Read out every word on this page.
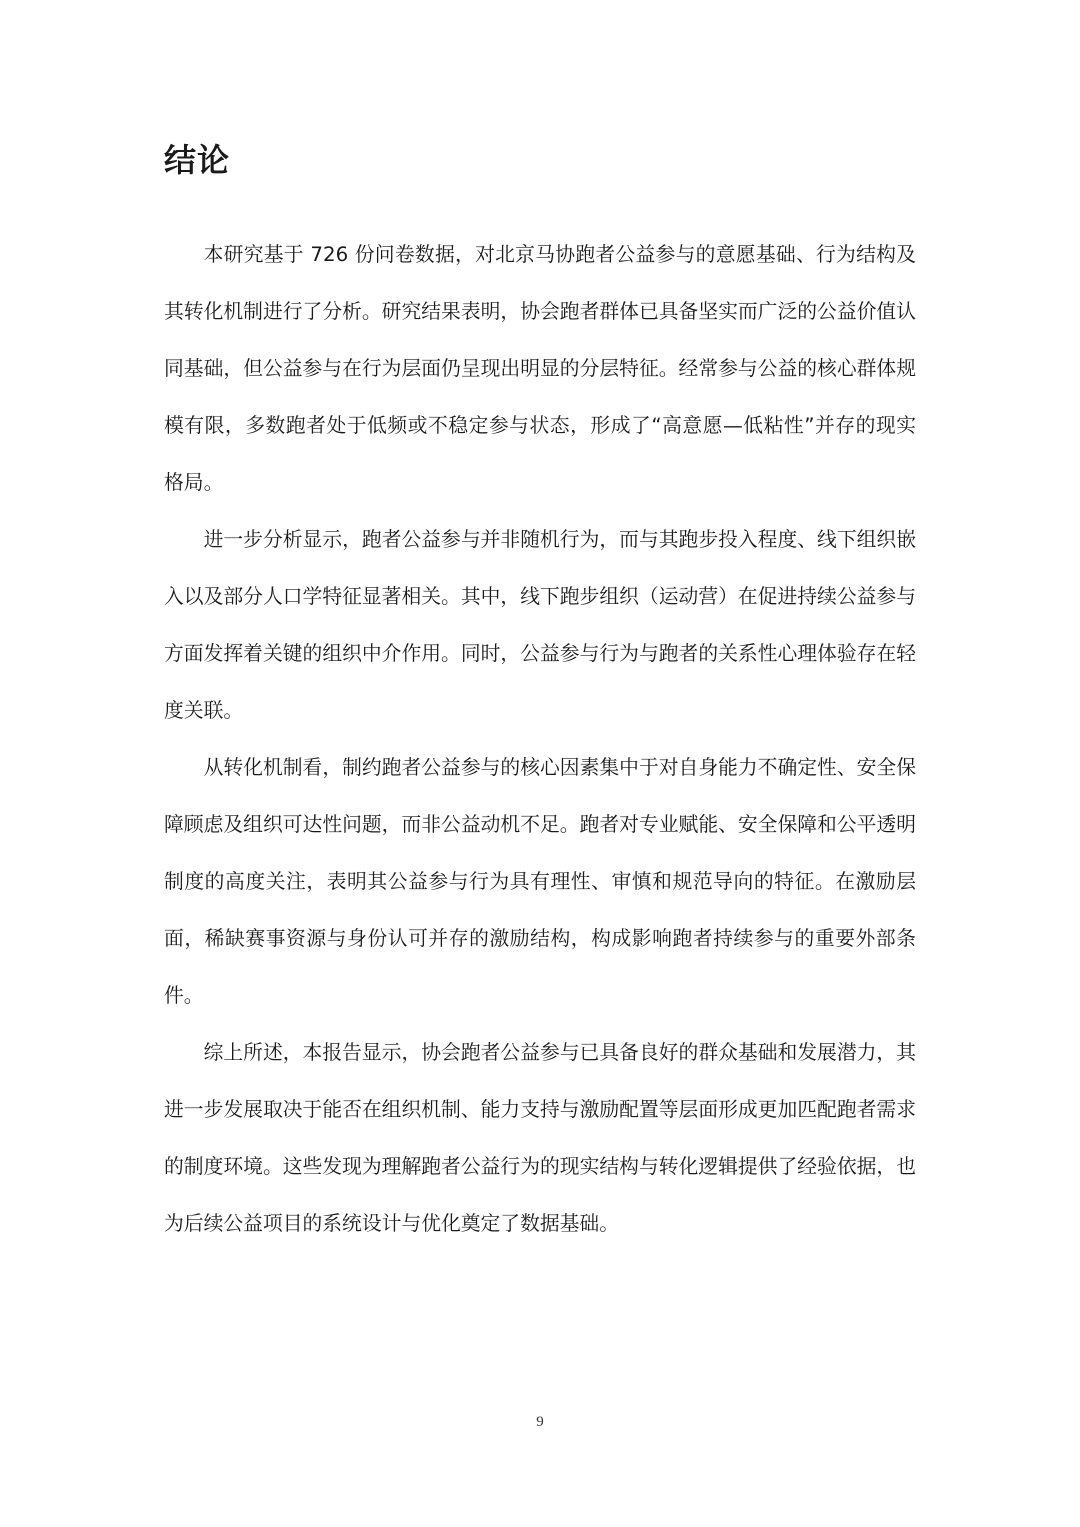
结论

本研究基于 726 份问卷数据，对北京马协跑者公益参与的意愿基础、行为结构及其转化机制进行了分析。研究结果表明，协会跑者群体已具备坚实而广泛的公益价值认同基础，但公益参与在行为层面仍呈现出明显的分层特征。经常参与公益的核心群体规模有限，多数跑者处于低频或不稳定参与状态，形成了“高意愿—低粘性”并存的现实格局。

进一步分析显示，跑者公益参与并非随机行为，而与其跑步投入程度、线下组织嵌入以及部分人口学特征显著相关。其中，线下跑步组织（运动营）在促进持续公益参与方面发挥着关键的组织中介作用。同时，公益参与行为与跑者的关系性心理体验存在轻度关联。

从转化机制看，制约跑者公益参与的核心因素集中于对自身能力不确定性、安全保障顾虑及组织可达性问题，而非公益动机不足。跑者对专业赋能、安全保障和公平透明制度的高度关注，表明其公益参与行为具有理性、审慎和规范导向的特征。在激励层面，稀缺赛事资源与身份认可并存的激励结构，构成影响跑者持续参与的重要外部条件。

综上所述，本报告显示，协会跑者公益参与已具备良好的群众基础和发展潜力，其进一步发展取决于能否在组织机制、能力支持与激励配置等层面形成更加匹配跑者需求的制度环境。这些发现为理解跑者公益行为的现实结构与转化逻辑提供了经验依据，也为后续公益项目的系统设计与优化奠定了数据基础。

9
